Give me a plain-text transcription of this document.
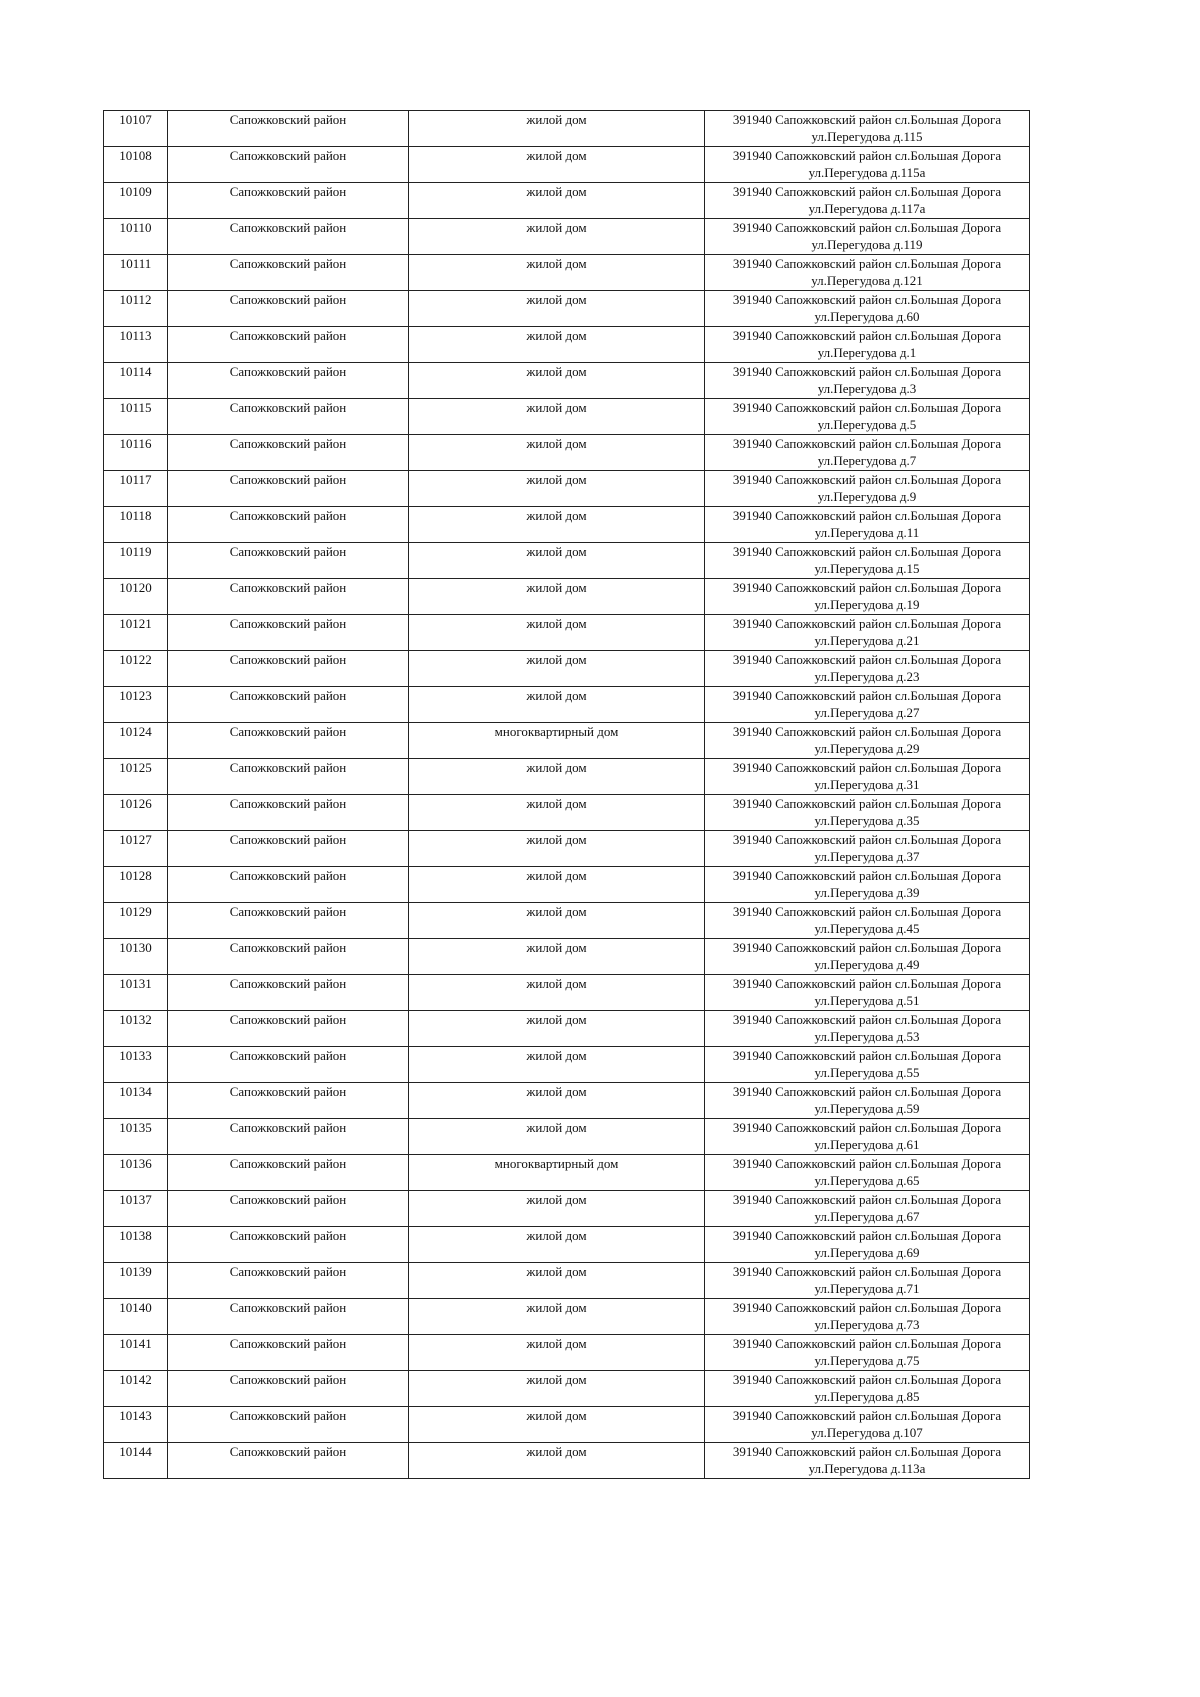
10107	Сапожковский район	жилой дом	391940 Сапожковский район сл.Большая Дорога
ул.Перегудова д.115

10108	Сапожковский район	жилой дом	391940 Сапожковский район сл.Большая Дорога
ул.Перегудова д.115а

10109	Сапожковский район	жилой дом	391940 Сапожковский район сл.Большая Дорога
ул.Перегудова д.117а

10110	Сапожковский район	жилой дом	391940 Сапожковский район сл.Большая Дорога
ул.Перегудова д.119

10111	Сапожковский район	жилой дом	391940 Сапожковский район сл.Большая Дорога
ул.Перегудова д.121

10112	Сапожковский район	жилой дом	391940 Сапожковский район сл.Большая Дорога
ул.Перегудова д.60

10113	Сапожковский район	жилой дом	391940 Сапожковский район сл.Большая Дорога
ул.Перегудова д.1

10114	Сапожковский район	жилой дом	391940 Сапожковский район сл.Большая Дорога
ул.Перегудова д.3

10115	Сапожковский район	жилой дом	391940 Сапожковский район сл.Большая Дорога
ул.Перегудова д.5

10116	Сапожковский район	жилой дом	391940 Сапожковский район сл.Большая Дорога
ул.Перегудова д.7

10117	Сапожковский район	жилой дом	391940 Сапожковский район сл.Большая Дорога
ул.Перегудова д.9

10118	Сапожковский район	жилой дом	391940 Сапожковский район сл.Большая Дорога
ул.Перегудова д.11

10119	Сапожковский район	жилой дом	391940 Сапожковский район сл.Большая Дорога
ул.Перегудова д.15

10120	Сапожковский район	жилой дом	391940 Сапожковский район сл.Большая Дорога
ул.Перегудова д.19

10121	Сапожковский район	жилой дом	391940 Сапожковский район сл.Большая Дорога
ул.Перегудова д.21

10122	Сапожковский район	жилой дом	391940 Сапожковский район сл.Большая Дорога
ул.Перегудова д.23

10123	Сапожковский район	жилой дом	391940 Сапожковский район сл.Большая Дорога
ул.Перегудова д.27

10124	Сапожковский район	многоквартирный дом	391940 Сапожковский район сл.Большая Дорога
ул.Перегудова д.29

10125	Сапожковский район	жилой дом	391940 Сапожковский район сл.Большая Дорога
ул.Перегудова д.31

10126	Сапожковский район	жилой дом	391940 Сапожковский район сл.Большая Дорога
ул.Перегудова д.35

10127	Сапожковский район	жилой дом	391940 Сапожковский район сл.Большая Дорога
ул.Перегудова д.37

10128	Сапожковский район	жилой дом	391940 Сапожковский район сл.Большая Дорога
ул.Перегудова д.39

10129	Сапожковский район	жилой дом	391940 Сапожковский район сл.Большая Дорога
ул.Перегудова д.45

10130	Сапожковский район	жилой дом	391940 Сапожковский район сл.Большая Дорога
ул.Перегудова д.49

10131	Сапожковский район	жилой дом	391940 Сапожковский район сл.Большая Дорога
ул.Перегудова д.51

10132	Сапожковский район	жилой дом	391940 Сапожковский район сл.Большая Дорога
ул.Перегудова д.53

10133	Сапожковский район	жилой дом	391940 Сапожковский район сл.Большая Дорога
ул.Перегудова д.55

10134	Сапожковский район	жилой дом	391940 Сапожковский район сл.Большая Дорога
ул.Перегудова д.59

10135	Сапожковский район	жилой дом	391940 Сапожковский район сл.Большая Дорога
ул.Перегудова д.61

10136	Сапожковский район	многоквартирный дом	391940 Сапожковский район сл.Большая Дорога
ул.Перегудова д.65

10137	Сапожковский район	жилой дом	391940 Сапожковский район сл.Большая Дорога
ул.Перегудова д.67

10138	Сапожковский район	жилой дом	391940 Сапожковский район сл.Большая Дорога
ул.Перегудова д.69

10139	Сапожковский район	жилой дом	391940 Сапожковский район сл.Большая Дорога
ул.Перегудова д.71

10140	Сапожковский район	жилой дом	391940 Сапожковский район сл.Большая Дорога
ул.Перегудова д.73

10141	Сапожковский район	жилой дом	391940 Сапожковский район сл.Большая Дорога
ул.Перегудова д.75

10142	Сапожковский район	жилой дом	391940 Сапожковский район сл.Большая Дорога
ул.Перегудова д.85

10143	Сапожковский район	жилой дом	391940 Сапожковский район сл.Большая Дорога
ул.Перегудова д.107

10144	Сапожковский район	жилой дом	391940 Сапожковский район сл.Большая Дорога
ул.Перегудова д.113а
